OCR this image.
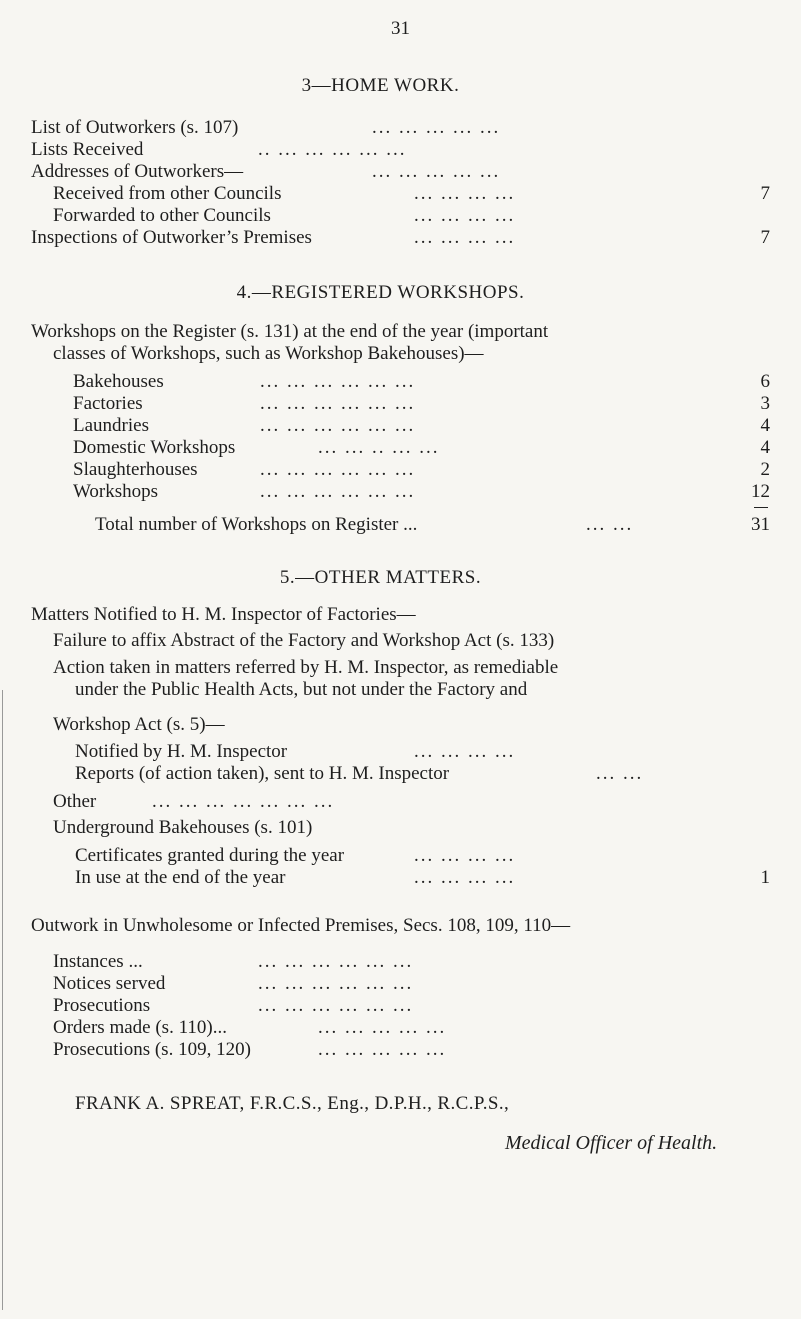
31
3—HOME WORK.
List of Outworkers (s. 107)	... ... ... ... ...
Lists Received	.. ... ... ... ... ...
Addresses of Outworkers—	... ... ... ... ...
Received from other Councils	... ... ... ...	7
Forwarded to other Councils	... ... ... ...
Inspections of Outworker’s Premises	... ... ... ...	7
4.—REGISTERED WORKSHOPS.
Workshops on the Register (s. 131) at the end of the year (important
classes of Workshops, such as Workshop Bakehouses)—
Bakehouses	... ... ... ... ... ...	6
Factories	... ... ... ... ... ...	3
Laundries	... ... ... ... ... ...	4
Domestic Workshops	... ... .. ... ...	4
Slaughterhouses	... ... ... ... ... ...	2
Workshops	... ... ... ... ... ...	12
Total number of Workshops on Register ...	... ...	31
5.—OTHER MATTERS.
Matters Notified to H. M. Inspector of Factories—
Failure to affix Abstract of the Factory and Workshop Act (s. 133)
Action taken in matters referred by H. M. Inspector, as remediable
under the Public Health Acts, but not under the Factory and
Workshop Act (s. 5)—
Notified by H. M. Inspector	... ... ... ...
Reports (of action taken), sent to H. M. Inspector	... ...
Other	... ... ... ... ... ... ...
Underground Bakehouses (s. 101)
Certificates granted during the year	... ... ... ...
In use at the end of the year	... ... ... ...	1
Outwork in Unwholesome or Infected Premises, Secs. 108, 109, 110—
Instances ...	... ... ... ... ... ...
Notices served	... ... ... ... ... ...
Prosecutions	... ... ... ... ... ...
Orders made (s. 110)...	... ... ... ... ...
Prosecutions (s. 109, 120)	... ... ... ... ...
FRANK A. SPREAT, F.R.C.S., Eng., D.P.H., R.C.P.S.,
Medical Officer of Health.
